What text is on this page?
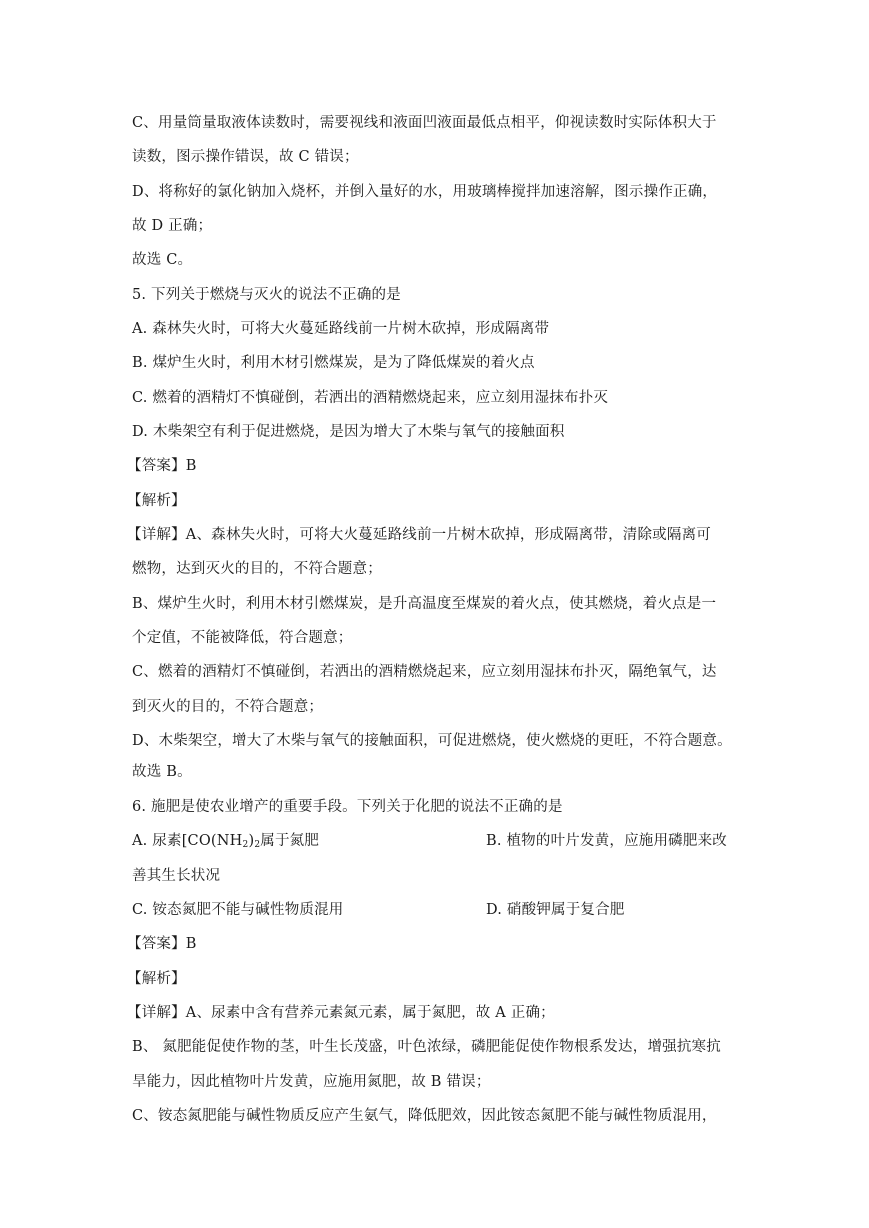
C、用量筒量取液体读数时，需要视线和液面凹液面最低点相平，仰视读数时实际体积大于
读数，图示操作错误，故 C 错误；
D、将称好的氯化钠加入烧杯，并倒入量好的水，用玻璃棒搅拌加速溶解，图示操作正确，
故 D 正确；
故选 C。
5. 下列关于燃烧与灭火的说法不正确的是
A. 森林失火时，可将大火蔓延路线前一片树木砍掉，形成隔离带
B. 煤炉生火时，利用木材引燃煤炭，是为了降低煤炭的着火点
C. 燃着的酒精灯不慎碰倒，若洒出的酒精燃烧起来，应立刻用湿抹布扑灭
D. 木柴架空有利于促进燃烧，是因为增大了木柴与氧气的接触面积
【答案】B
【解析】
【详解】A、森林失火时，可将大火蔓延路线前一片树木砍掉，形成隔离带，清除或隔离可
燃物，达到灭火的目的，不符合题意；
B、煤炉生火时，利用木材引燃煤炭，是升高温度至煤炭的着火点，使其燃烧，着火点是一
个定值，不能被降低，符合题意；
C、燃着的酒精灯不慎碰倒，若洒出的酒精燃烧起来，应立刻用湿抹布扑灭，隔绝氧气，达
到灭火的目的，不符合题意；
D、木柴架空，增大了木柴与氧气的接触面积，可促进燃烧，使火燃烧的更旺，不符合题意。
故选 B。
6. 施肥是使农业增产的重要手段。下列关于化肥的说法不正确的是
A. 尿素[$CO(NH_2)_2$属于氮肥	B. 植物的叶片发黄，应施用磷肥来改
善其生长状况
C. 铵态氮肥不能与碱性物质混用	D. 硝酸钾属于复合肥
【答案】B
【解析】
【详解】A、尿素中含有营养元素氮元素，属于氮肥，故 A 正确；
B、 氮肥能促使作物的茎，叶生长茂盛，叶色浓绿，磷肥能促使作物根系发达，增强抗寒抗
旱能力，因此植物叶片发黄，应施用氮肥，故 B 错误；
C、铵态氮肥能与碱性物质反应产生氨气，降低肥效，因此铵态氮肥不能与碱性物质混用，
